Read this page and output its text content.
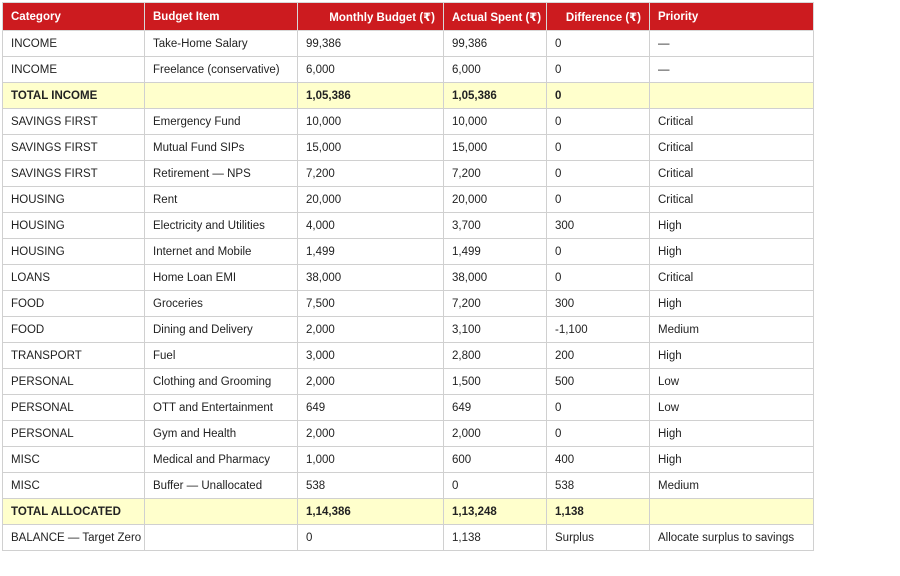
Category	Budget Item	Monthly Budget (₹)	Actual Spent (₹)	Difference (₹)	Priority
INCOME	Take-Home Salary	99,386	99,386	0	—
INCOME	Freelance (conservative)	6,000	6,000	0	—
TOTAL INCOME		1,05,386	1,05,386	0	
SAVINGS FIRST	Emergency Fund	10,000	10,000	0	Critical
SAVINGS FIRST	Mutual Fund SIPs	15,000	15,000	0	Critical
SAVINGS FIRST	Retirement — NPS	7,200	7,200	0	Critical
HOUSING	Rent	20,000	20,000	0	Critical
HOUSING	Electricity and Utilities	4,000	3,700	300	High
HOUSING	Internet and Mobile	1,499	1,499	0	High
LOANS	Home Loan EMI	38,000	38,000	0	Critical
FOOD	Groceries	7,500	7,200	300	High
FOOD	Dining and Delivery	2,000	3,100	-1,100	Medium
TRANSPORT	Fuel	3,000	2,800	200	High
PERSONAL	Clothing and Grooming	2,000	1,500	500	Low
PERSONAL	OTT and Entertainment	649	649	0	Low
PERSONAL	Gym and Health	2,000	2,000	0	High
MISC	Medical and Pharmacy	1,000	600	400	High
MISC	Buffer — Unallocated	538	0	538	Medium
TOTAL ALLOCATED		1,14,386	1,13,248	1,138	
BALANCE — Target Zero		0	1,138	Surplus	Allocate surplus to savings
